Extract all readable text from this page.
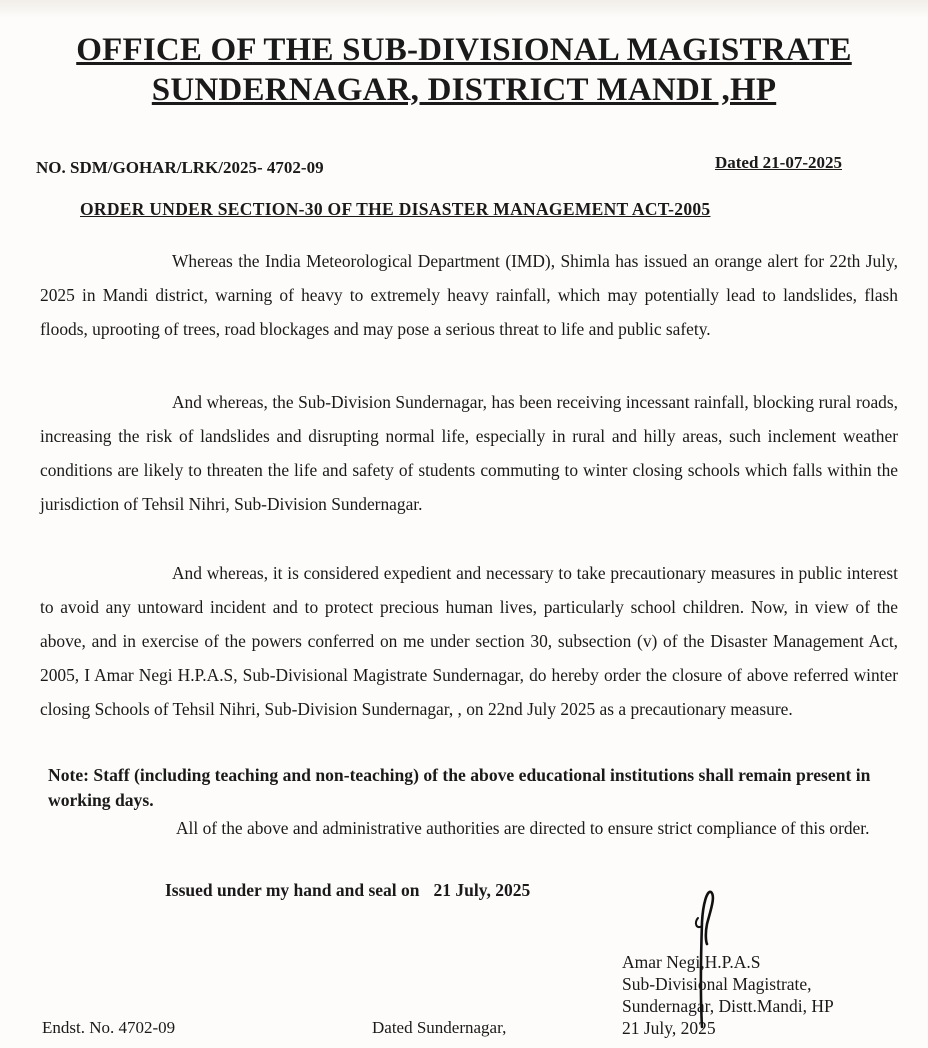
OFFICE OF THE SUB-DIVISIONAL MAGISTRATE

SUNDERNAGAR, DISTRICT MANDI ,HP

NO. SDM/GOHAR/LRK/2025- 4702-09	Dated 21-07-2025

ORDER UNDER SECTION-30 OF THE DISASTER MANAGEMENT ACT-2005

Whereas the India Meteorological Department (IMD), Shimla has issued an orange alert for 22th July, 2025 in Mandi district, warning of heavy to extremely heavy rainfall, which may potentially lead to landslides, flash floods, uprooting of trees, road blockages and may pose a serious threat to life and public safety.

And whereas, the Sub-Division Sundernagar, has been receiving incessant rainfall, blocking rural roads, increasing the risk of landslides and disrupting normal life, especially in rural and hilly areas, such inclement weather conditions are likely to threaten the life and safety of students commuting to winter closing schools which falls within the jurisdiction of Tehsil Nihri, Sub-Division Sundernagar.

And whereas, it is considered expedient and necessary to take precautionary measures in public interest to avoid any untoward incident and to protect precious human lives, particularly school children. Now, in view of the above, and in exercise of the powers conferred on me under section 30, subsection (v) of the Disaster Management Act, 2005, I Amar Negi H.P.A.S, Sub-Divisional Magistrate Sundernagar, do hereby order the closure of above referred winter closing Schools of Tehsil Nihri, Sub-Division Sundernagar, , on 22nd July 2025 as a precautionary measure.

Note: Staff (including teaching and non-teaching) of the above educational institutions shall remain present in working days.

All of the above and administrative authorities are directed to ensure strict compliance of this order.

Issued under my hand and seal on 21 July, 2025

Amar Negi,H.P.A.S
Sub-Divisional Magistrate,
Sundernagar, Distt.Mandi, HP
21 July, 2025

Endst. No. 4702-09	Dated Sundernagar,
